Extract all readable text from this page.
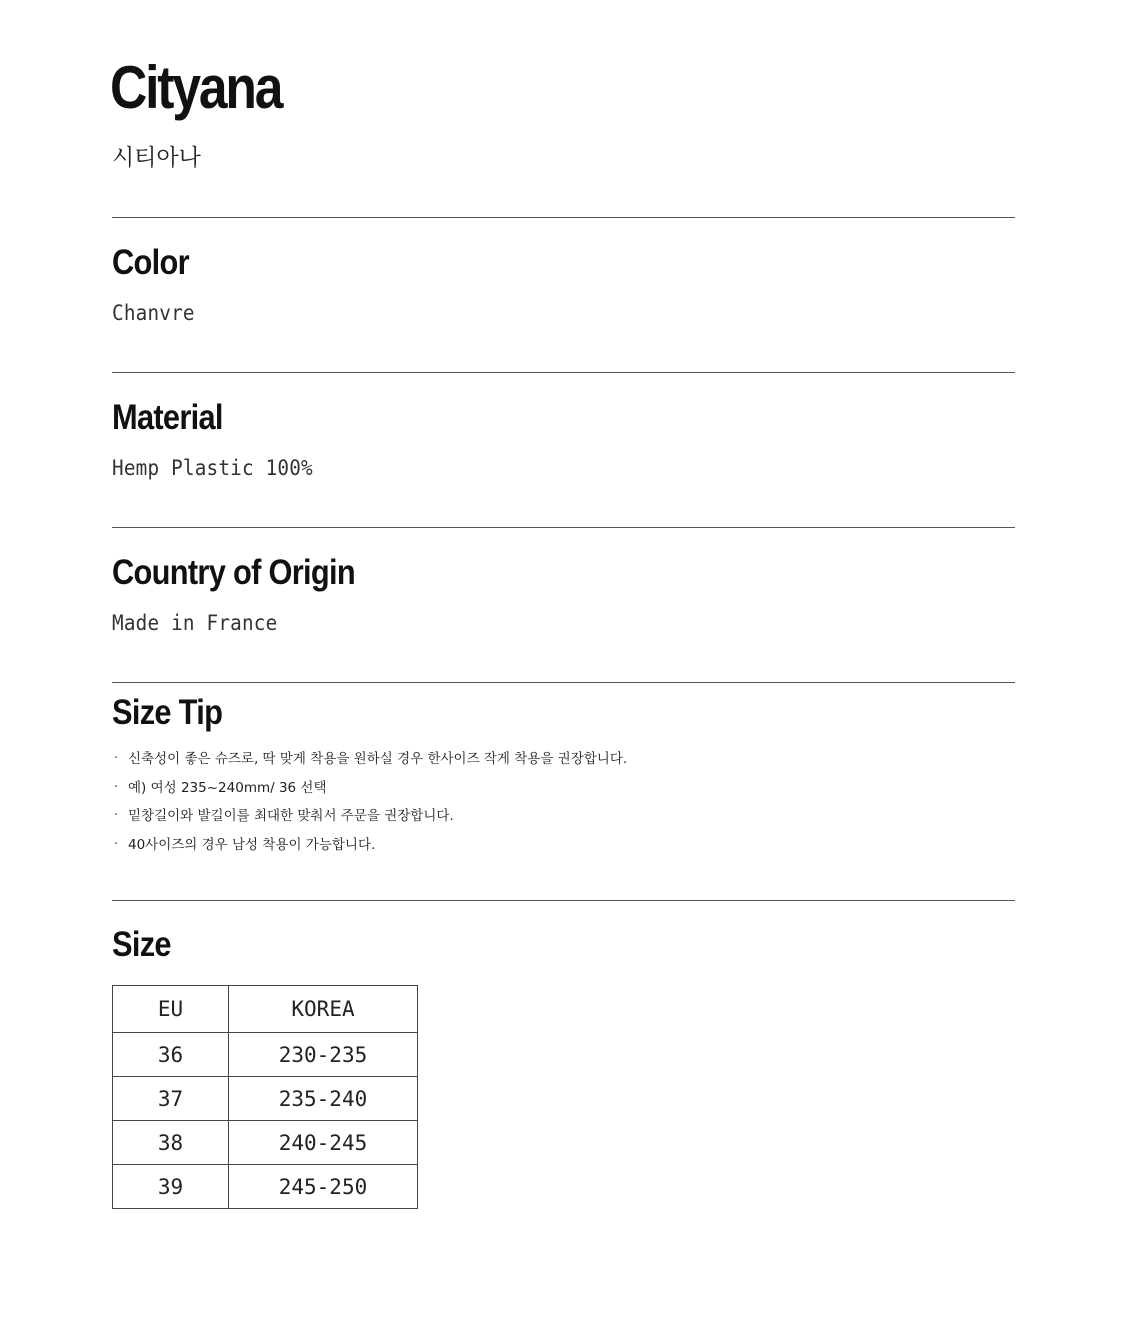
Cityana
시티아나
Color
Chanvre
Material
Hemp Plastic 100%
Country of Origin
Made in France
Size Tip
· 신축성이 좋은 슈즈로, 딱 맞게 착용을 원하실 경우 한사이즈 작게 착용을 권장합니다.
· 예) 여성 235~240mm/ 36 선택
· 밑창길이와 발길이를 최대한 맞춰서 주문을 권장합니다.
· 40사이즈의 경우 남성 착용이 가능합니다.
Size
EU	KOREA
36	230-235
37	235-240
38	240-245
39	245-250
